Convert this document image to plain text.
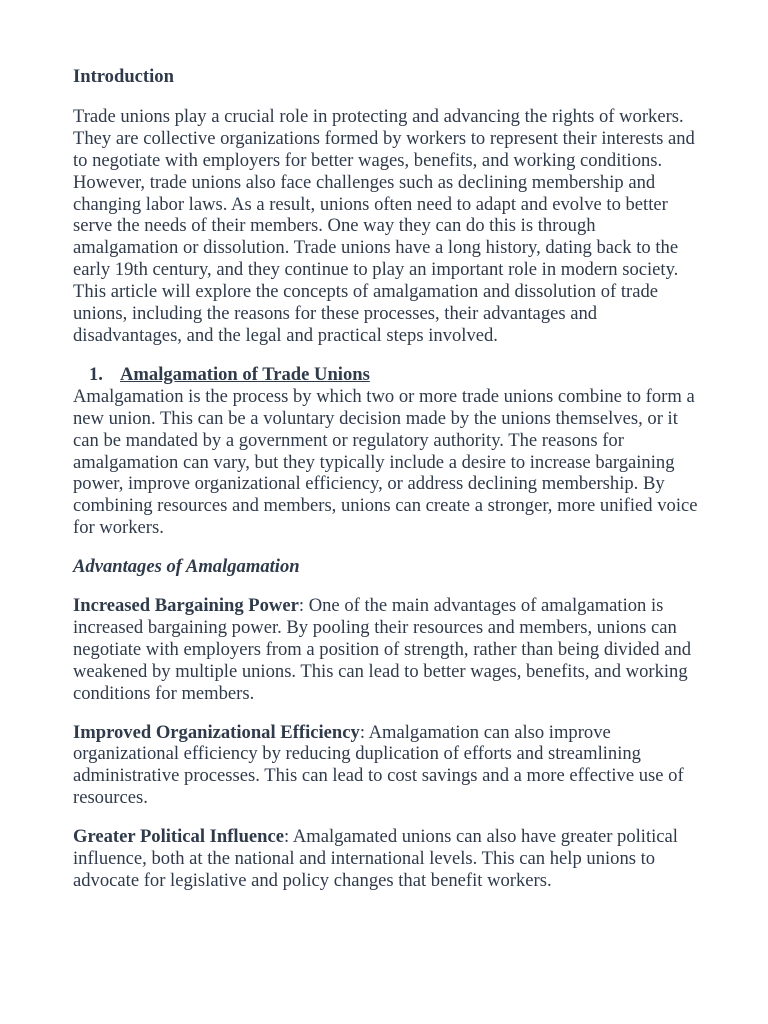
Introduction

Trade unions play a crucial role in protecting and advancing the rights of workers. They are collective organizations formed by workers to represent their interests and to negotiate with employers for better wages, benefits, and working conditions. However, trade unions also face challenges such as declining membership and changing labor laws. As a result, unions often need to adapt and evolve to better serve the needs of their members. One way they can do this is through amalgamation or dissolution. Trade unions have a long history, dating back to the early 19th century, and they continue to play an important role in modern society. This article will explore the concepts of amalgamation and dissolution of trade unions, including the reasons for these processes, their advantages and disadvantages, and the legal and practical steps involved.

1. Amalgamation of Trade Unions

Amalgamation is the process by which two or more trade unions combine to form a new union. This can be a voluntary decision made by the unions themselves, or it can be mandated by a government or regulatory authority. The reasons for amalgamation can vary, but they typically include a desire to increase bargaining power, improve organizational efficiency, or address declining membership. By combining resources and members, unions can create a stronger, more unified voice for workers.

Advantages of Amalgamation

Increased Bargaining Power: One of the main advantages of amalgamation is increased bargaining power. By pooling their resources and members, unions can negotiate with employers from a position of strength, rather than being divided and weakened by multiple unions. This can lead to better wages, benefits, and working conditions for members.

Improved Organizational Efficiency: Amalgamation can also improve organizational efficiency by reducing duplication of efforts and streamlining administrative processes. This can lead to cost savings and a more effective use of resources.

Greater Political Influence: Amalgamated unions can also have greater political influence, both at the national and international levels. This can help unions to advocate for legislative and policy changes that benefit workers.
